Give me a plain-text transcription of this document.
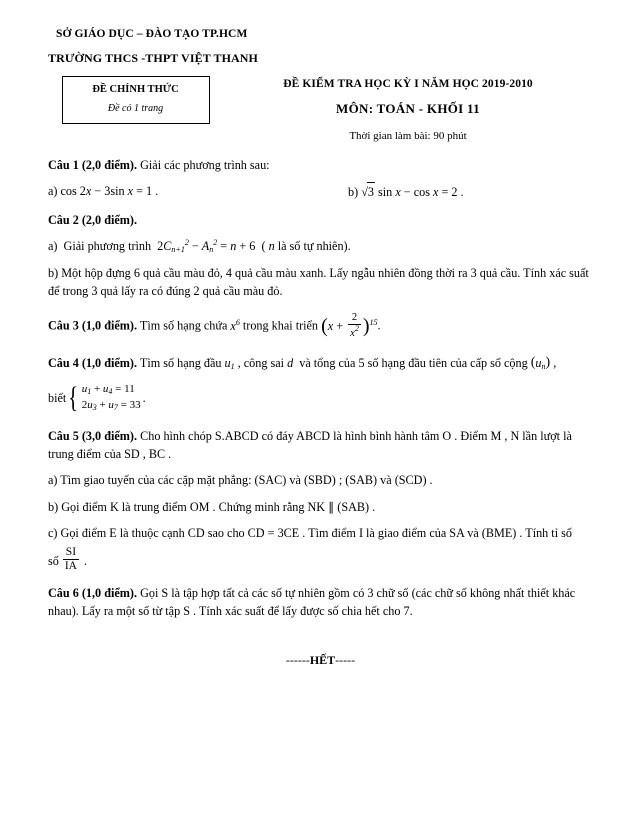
SỞ GIÁO DỤC – ĐÀO TẠO TP.HCM
TRƯỜNG THCS -THPT VIỆT THANH
ĐỀ CHÍNH THỨC
Đề có 1 trang
ĐỀ KIỂM TRA HỌC KỲ I NĂM HỌC 2019-2010
MÔN: TOÁN - KHỐI 11
Thời gian làm bài: 90 phút
Câu 1 (2,0 điểm). Giải các phương trình sau:
a) cos 2x − 3sin x = 1 .	b) √3 sin x − cos x = 2 .
Câu 2 (2,0 điểm).
a)  Giải phương trình  $2C_{n+1}^2 - A_n^2 = n + 6$  ( n là số tự nhiên).
b) Một hộp đựng 6 quả cầu màu đỏ, 4 quả cầu màu xanh. Lấy ngẫu nhiên đồng thời ra 3 quả cầu. Tính xác suất để trong 3 quả lấy ra có đúng 2 quả cầu màu đỏ.
Câu 3 (1,0 điểm). Tìm số hạng chứa $x^6$ trong khai triển $(x + \frac{2}{x^2} )^{15}$.
Câu 4 (1,0 điểm). Tìm số hạng đầu $u_1$ , công sai d  và tổng của 5 số hạng đầu tiên của cấp số cộng $(u_n)$ ,
biết { $u_1 + u_4 = 11$
$2u_3 + u_7 = 33$
.
Câu 5 (3,0 điểm). Cho hình chóp S.ABCD có đáy ABCD là hình bình hành tâm O . Điểm M , N lần lượt là trung điểm của SD , BC .
a) Tìm giao tuyến của các cặp mặt phẳng: (SAC) và (SBD) ; (SAB) và (SCD) .
b) Gọi điểm K là trung điểm OM . Chứng minh rằng NK ∥ (SAB) .
c) Gọi điểm E là thuộc cạnh CD sao cho CD = 3CE . Tìm điểm I là giao điểm của SA và (BME) . Tính tỉ số
số $\frac{SI}{IA}$ .
Câu 6 (1,0 điểm). Gọi S là tập hợp tất cả các số tự nhiên gồm có 3 chữ số (các chữ số không nhất thiết khác nhau). Lấy ra một số từ tập S . Tính xác suất để lấy được số chia hết cho 7.
------HẾT-----
